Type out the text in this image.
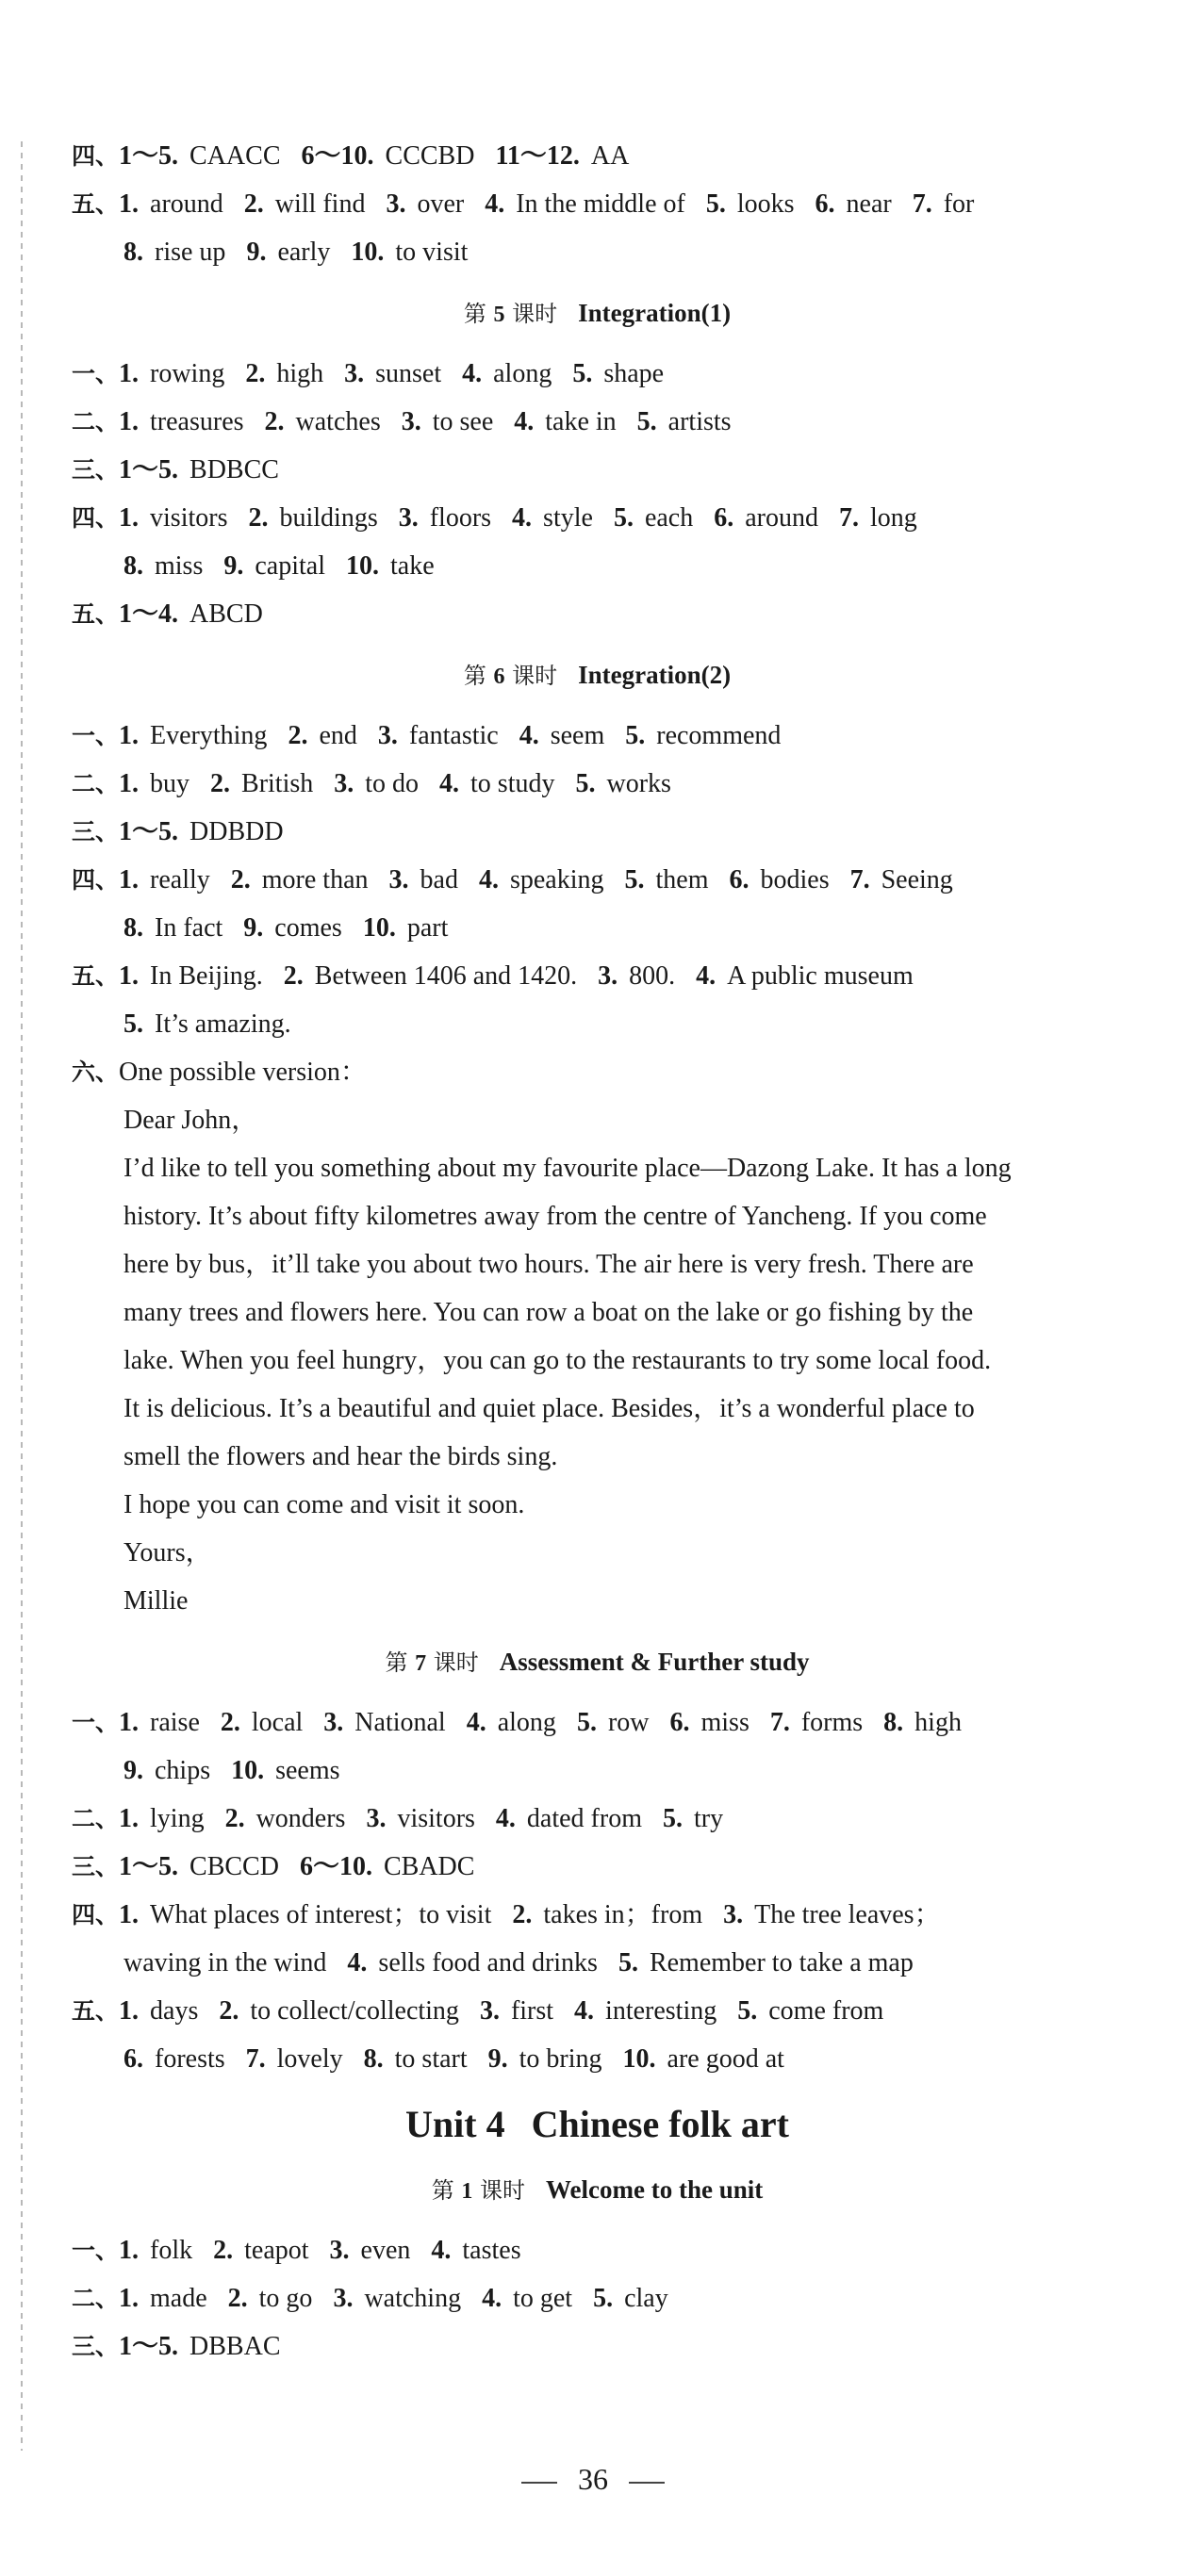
四、1～5. CAACC 6～10. CCCBD 11～12. AA
五、1. around 2. will find 3. over 4. In the middle of 5. looks 6. near 7. for
8. rise up 9. early 10. to visit
第 5 课时 Integration(1)
一、1. rowing 2. high 3. sunset 4. along 5. shape
二、1. treasures 2. watches 3. to see 4. take in 5. artists
三、1～5. BDBCC
四、1. visitors 2. buildings 3. floors 4. style 5. each 6. around 7. long
8. miss 9. capital 10. take
五、1～4. ABCD
第 6 课时 Integration(2)
一、1. Everything 2. end 3. fantastic 4. seem 5. recommend
二、1. buy 2. British 3. to do 4. to study 5. works
三、1～5. DDBDD
四、1. really 2. more than 3. bad 4. speaking 5. them 6. bodies 7. Seeing
8. In fact 9. comes 10. part
五、1. In Beijing. 2. Between 1406 and 1420. 3. 800. 4. A public museum
5. It’s amazing.
六、One possible version：

Dear John，

I’d like to tell you something about my favourite place—Dazong Lake. It has a long

history. It’s about fifty kilometres away from the centre of Yancheng. If you come

here by bus，it’ll take you about two hours. The air here is very fresh. There are

many trees and flowers here. You can row a boat on the lake or go fishing by the

lake. When you feel hungry，you can go to the restaurants to try some local food.

It is delicious. It’s a beautiful and quiet place. Besides，it’s a wonderful place to

smell the flowers and hear the birds sing.

I hope you can come and visit it soon.

Yours，

Millie

第 7 课时 Assessment & Further study
一、1. raise 2. local 3. National 4. along 5. row 6. miss 7. forms 8. high
9. chips 10. seems
二、1. lying 2. wonders 3. visitors 4. dated from 5. try
三、1～5. CBCCD 6～10. CBADC
四、1. What places of interest；to visit 2. takes in；from 3. The tree leaves；
waving in the wind 4. sells food and drinks 5. Remember to take a map
五、1. days 2. to collect/collecting 3. first 4. interesting 5. come from
6. forests 7. lovely 8. to start 9. to bring 10. are good at
Unit 4 Chinese folk art
第 1 课时 Welcome to the unit
一、1. folk 2. teapot 3. even 4. tastes
二、1. made 2. to go 3. watching 4. to get 5. clay
三、1～5. DBBAC
36
